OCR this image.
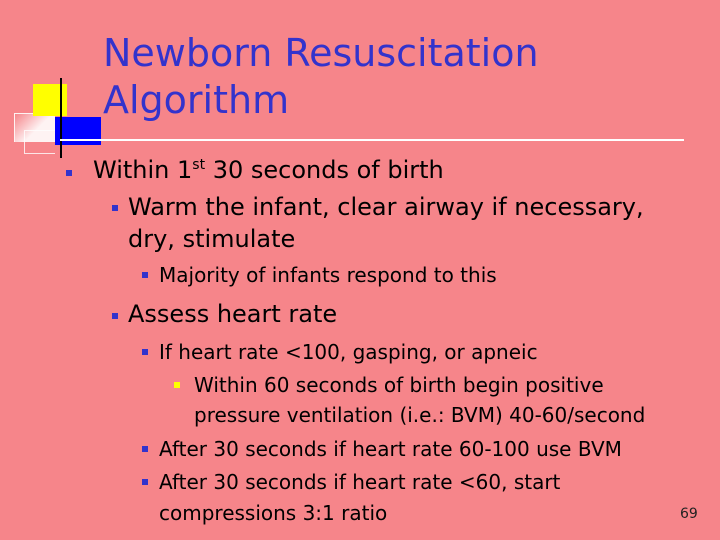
Newborn Resuscitation
Algorithm
Within 1st 30 seconds of birth
Warm the infant, clear airway if necessary,
dry, stimulate
Majority of infants respond to this
Assess heart rate
If heart rate <100, gasping, or apneic
Within 60 seconds of birth begin positive
pressure ventilation (i.e.: BVM) 40-60/second
After 30 seconds if heart rate 60-100 use BVM
After 30 seconds if heart rate <60, start
compressions 3:1 ratio	69
